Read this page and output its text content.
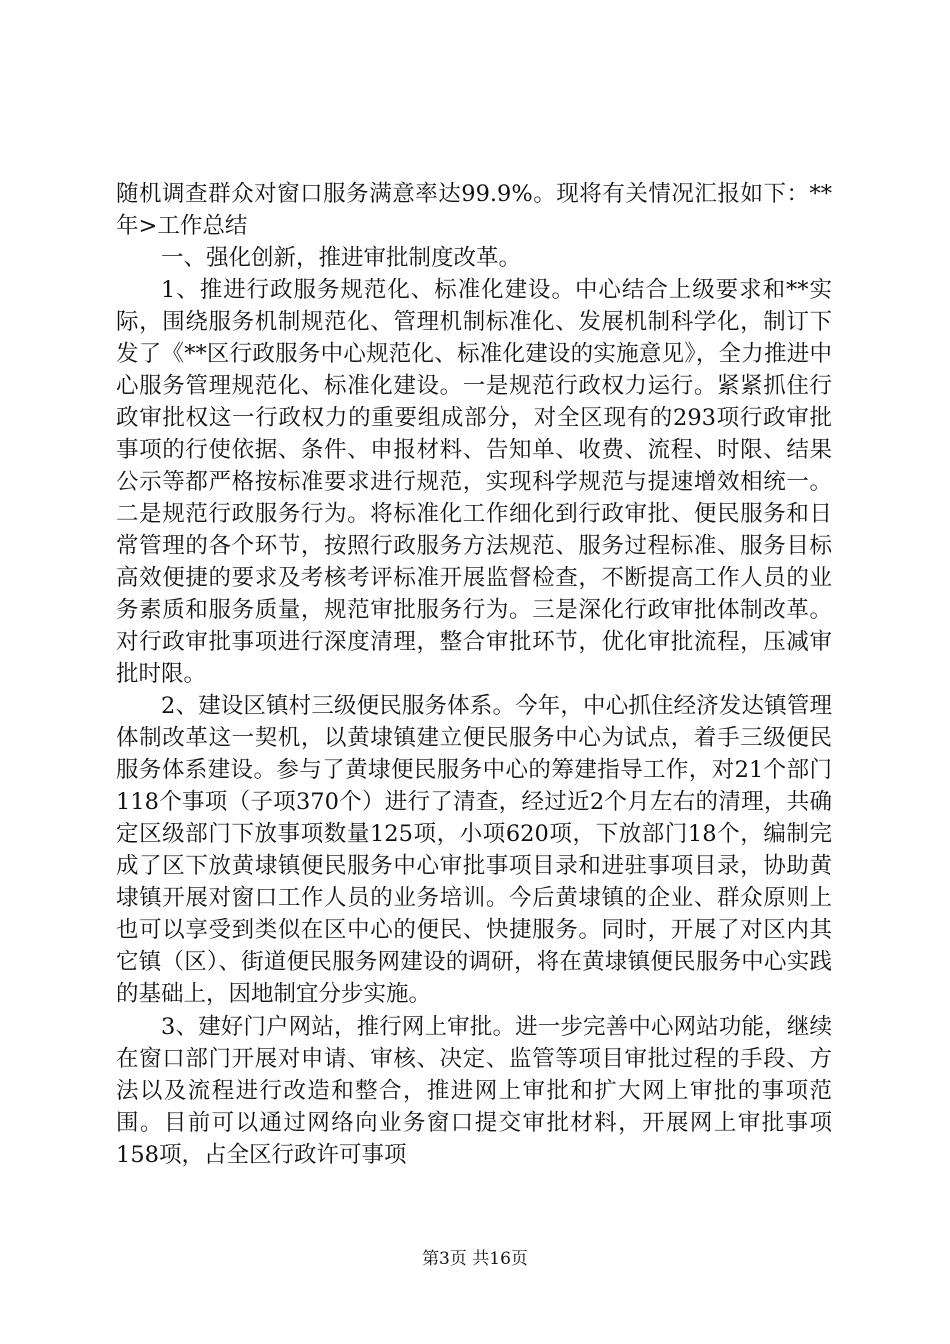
随机调查群众对窗口服务满意率达99.9%。现将有关情况汇报如下：**年>工作总结

一、强化创新，推进审批制度改革。

1、推进行政服务规范化、标准化建设。中心结合上级要求和**实际，围绕服务机制规范化、管理机制标准化、发展机制科学化，制订下发了《**区行政服务中心规范化、标准化建设的实施意见》，全力推进中心服务管理规范化、标准化建设。一是规范行政权力运行。紧紧抓住行政审批权这一行政权力的重要组成部分，对全区现有的293项行政审批事项的行使依据、条件、申报材料、告知单、收费、流程、时限、结果公示等都严格按标准要求进行规范，实现科学规范与提速增效相统一。二是规范行政服务行为。将标准化工作细化到行政审批、便民服务和日常管理的各个环节，按照行政服务方法规范、服务过程标准、服务目标高效便捷的要求及考核考评标准开展监督检查，不断提高工作人员的业务素质和服务质量，规范审批服务行为。三是深化行政审批体制改革。对行政审批事项进行深度清理，整合审批环节，优化审批流程，压减审批时限。

2、建设区镇村三级便民服务体系。今年，中心抓住经济发达镇管理体制改革这一契机，以黄埭镇建立便民服务中心为试点，着手三级便民服务体系建设。参与了黄埭便民服务中心的筹建指导工作，对21个部门118个事项（子项370个）进行了清查，经过近2个月左右的清理，共确定区级部门下放事项数量125项，小项620项，下放部门18个，编制完成了区下放黄埭镇便民服务中心审批事项目录和进驻事项目录，协助黄埭镇开展对窗口工作人员的业务培训。今后黄埭镇的企业、群众原则上也可以享受到类似在区中心的便民、快捷服务。同时，开展了对区内其它镇（区）、街道便民服务网建设的调研，将在黄埭镇便民服务中心实践的基础上，因地制宜分步实施。

3、建好门户网站，推行网上审批。进一步完善中心网站功能，继续在窗口部门开展对申请、审核、决定、监管等项目审批过程的手段、方法以及流程进行改造和整合，推进网上审批和扩大网上审批的事项范围。目前可以通过网络向业务窗口提交审批材料，开展网上审批事项158项，占全区行政许可事项

第3页 共16页
